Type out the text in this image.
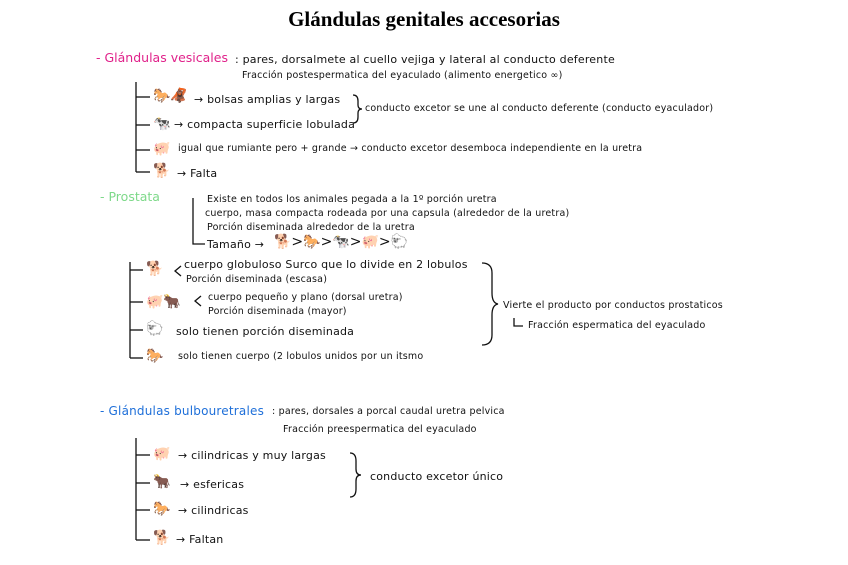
Glándulas genitales accesorias
- Glándulas vesicales : pares, dorsalmete al cuello vejiga y lateral al conducto deferente
Fracción postespermatica del eyaculado (alimento energetico ∞)
🐎🦧 → bolsas amplias y largas
🐄 → compacta superficie lobulada
🐖 igual que rumiante pero + grande → conducto excetor desemboca independiente en la uretra
🐕 → Falta
conducto excetor se une al conducto deferente (conducto eyaculador)
- Prostata	Existe en todos los animales pegada a la 1º porción uretra
cuerpo, masa compacta rodeada por una capsula (alrededor de la uretra)
Porción diseminada alrededor de la uretra
Tamaño → 🐕>🐎>🐄>🐖>🐑
🐕 cuerpo globuloso Surco que lo divide en 2 lobulos
Porción diseminada (escasa)
🐖🐂	cuerpo pequeño y plano (dorsal uretra)
Porción diseminada (mayor)
🐑 solo tienen porción diseminada
🐎 solo tienen cuerpo (2 lobulos unidos por un itsmo
Vierte el producto por conductos prostaticos
Fracción espermatica del eyaculado
- Glándulas bulbouretrales : pares, dorsales a porcal caudal uretra pelvica
Fracción preespermatica del eyaculado
🐖 → cilindricas y muy largas
🐂 → esfericas
🐎 → cilindricas
🐕 → Faltan
conducto excetor único
